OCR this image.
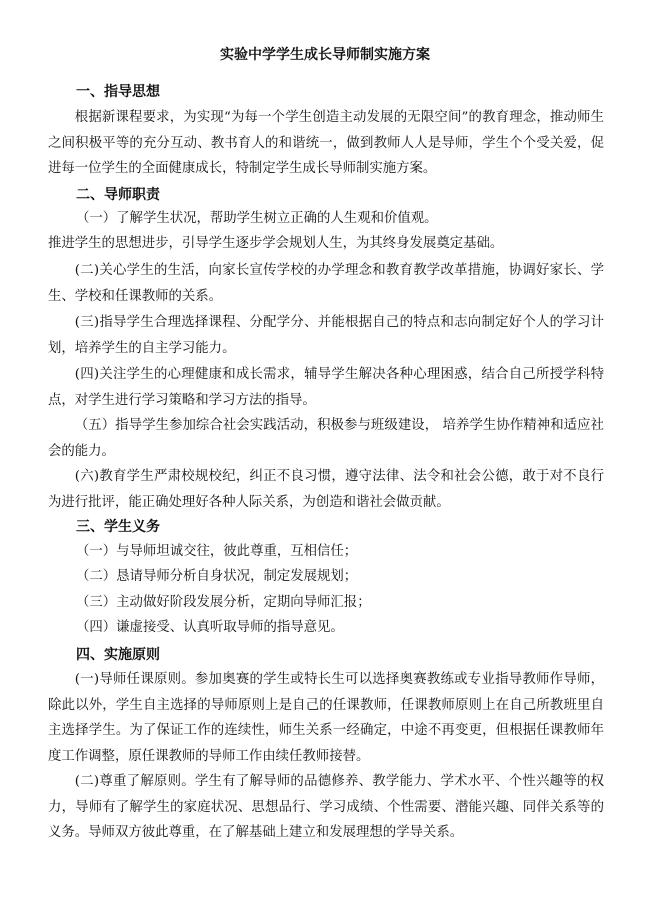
实验中学学生成长导师制实施方案
一、指导思想

根据新课程要求，为实现“为每一个学生创造主动发展的无限空间”的教育理念，推动师生之间积极平等的充分互动、教书育人的和谐统一，做到教师人人是导师，学生个个受关爱，促进每一位学生的全面健康成长，特制定学生成长导师制实施方案。

二、导师职责
（一）了解学生状况，帮助学生树立正确的人生观和价值观。
推进学生的思想进步，引导学生逐步学会规划人生，为其终身发展奠定基础。

(二)关心学生的生活，向家长宣传学校的办学理念和教育教学改革措施，协调好家长、学生、学校和任课教师的关系。

(三)指导学生合理选择课程、分配学分、并能根据自己的特点和志向制定好个人的学习计划，培养学生的自主学习能力。

(四)关注学生的心理健康和成长需求，辅导学生解决各种心理困惑，结合自己所授学科特点，对学生进行学习策略和学习方法的指导。

（五）指导学生参加综合社会实践活动，积极参与班级建设， 培养学生协作精神和适应社会的能力。

(六)教育学生严肃校规校纪，纠正不良习惯，遵守法律、法令和社会公德，敢于对不良行为进行批评，能正确处理好各种人际关系，为创造和谐社会做贡献。

三、学生义务
（一）与导师坦诚交往，彼此尊重，互相信任；
（二）恳请导师分析自身状况，制定发展规划；
（三）主动做好阶段发展分析，定期向导师汇报；
（四）谦虚接受、认真听取导师的指导意见。
四、实施原则

(一)导师任课原则。参加奥赛的学生或特长生可以选择奥赛教练或专业指导教师作导师，除此以外，学生自主选择的导师原则上是自己的任课教师，任课教师原则上在自己所教班里自主选择学生。为了保证工作的连续性，师生关系一经确定，中途不再变更，但根据任课教师年度工作调整，原任课教师的导师工作由续任教师接替。

(二)尊重了解原则。学生有了解导师的品德修养、教学能力、学术水平、个性兴趣等的权力，导师有了解学生的家庭状况、思想品行、学习成绩、个性需要、潜能兴趣、同伴关系等的义务。导师双方彼此尊重，在了解基础上建立和发展理想的学导关系。
